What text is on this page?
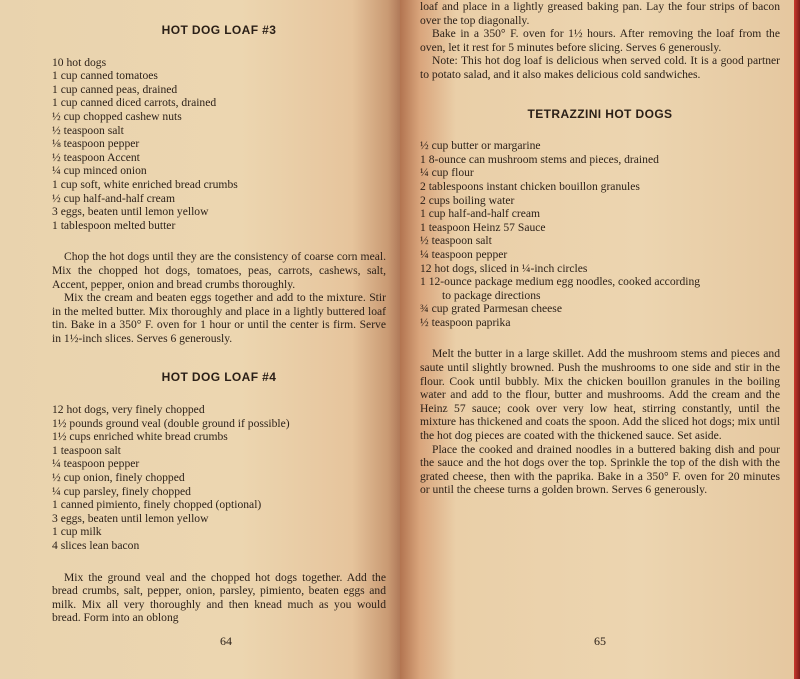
HOT DOG LOAF #3
10 hot dogs
1 cup canned tomatoes
1 cup canned peas, drained
1 cup canned diced carrots, drained
½ cup chopped cashew nuts
½ teaspoon salt
⅛ teaspoon pepper
½ teaspoon Accent
¼ cup minced onion
1 cup soft, white enriched bread crumbs
½ cup half-and-half cream
3 eggs, beaten until lemon yellow
1 tablespoon melted butter

Chop the hot dogs until they are the consistency of coarse corn meal. Mix the chopped hot dogs, tomatoes, peas, carrots, cashews, salt, Accent, pepper, onion and bread crumbs thoroughly.

Mix the cream and beaten eggs together and add to the mixture. Stir in the melted butter. Mix thoroughly and place in a lightly buttered loaf tin. Bake in a 350° F. oven for 1 hour or until the center is firm. Serve in 1½-inch slices. Serves 6 generously.

HOT DOG LOAF #4
12 hot dogs, very finely chopped
1½ pounds ground veal (double ground if possible)
1½ cups enriched white bread crumbs
1 teaspoon salt
¼ teaspoon pepper
½ cup onion, finely chopped
¼ cup parsley, finely chopped
1 canned pimiento, finely chopped (optional)
3 eggs, beaten until lemon yellow
1 cup milk
4 slices lean bacon

Mix the ground veal and the chopped hot dogs together. Add the bread crumbs, salt, pepper, onion, parsley, pimiento, beaten eggs and milk. Mix all very thoroughly and then knead much as you would bread. Form into an oblong

64

loaf and place in a lightly greased baking pan. Lay the four strips of bacon over the top diagonally.

Bake in a 350° F. oven for 1½ hours. After removing the loaf from the oven, let it rest for 5 minutes before slicing. Serves 6 generously.

Note: This hot dog loaf is delicious when served cold. It is a good partner to potato salad, and it also makes delicious cold sandwiches.

TETRAZZINI HOT DOGS
½ cup butter or margarine
1 8-ounce can mushroom stems and pieces, drained
¼ cup flour
2 tablespoons instant chicken bouillon granules
2 cups boiling water
1 cup half-and-half cream
1 teaspoon Heinz 57 Sauce
½ teaspoon salt
¼ teaspoon pepper
12 hot dogs, sliced in ¼-inch circles
1 12-ounce package medium egg noodles, cooked according
to package directions
¾ cup grated Parmesan cheese
½ teaspoon paprika

Melt the butter in a large skillet. Add the mushroom stems and pieces and saute until slightly browned. Push the mushrooms to one side and stir in the flour. Cook until bubbly. Mix the chicken bouillon granules in the boiling water and add to the flour, butter and mushrooms. Add the cream and the Heinz 57 sauce; cook over very low heat, stirring constantly, until the mixture has thickened and coats the spoon. Add the sliced hot dogs; mix until the hot dog pieces are coated with the thickened sauce. Set aside.

Place the cooked and drained noodles in a buttered baking dish and pour the sauce and the hot dogs over the top. Sprinkle the top of the dish with the grated cheese, then with the paprika. Bake in a 350° F. oven for 20 minutes or until the cheese turns a golden brown. Serves 6 generously.

65
